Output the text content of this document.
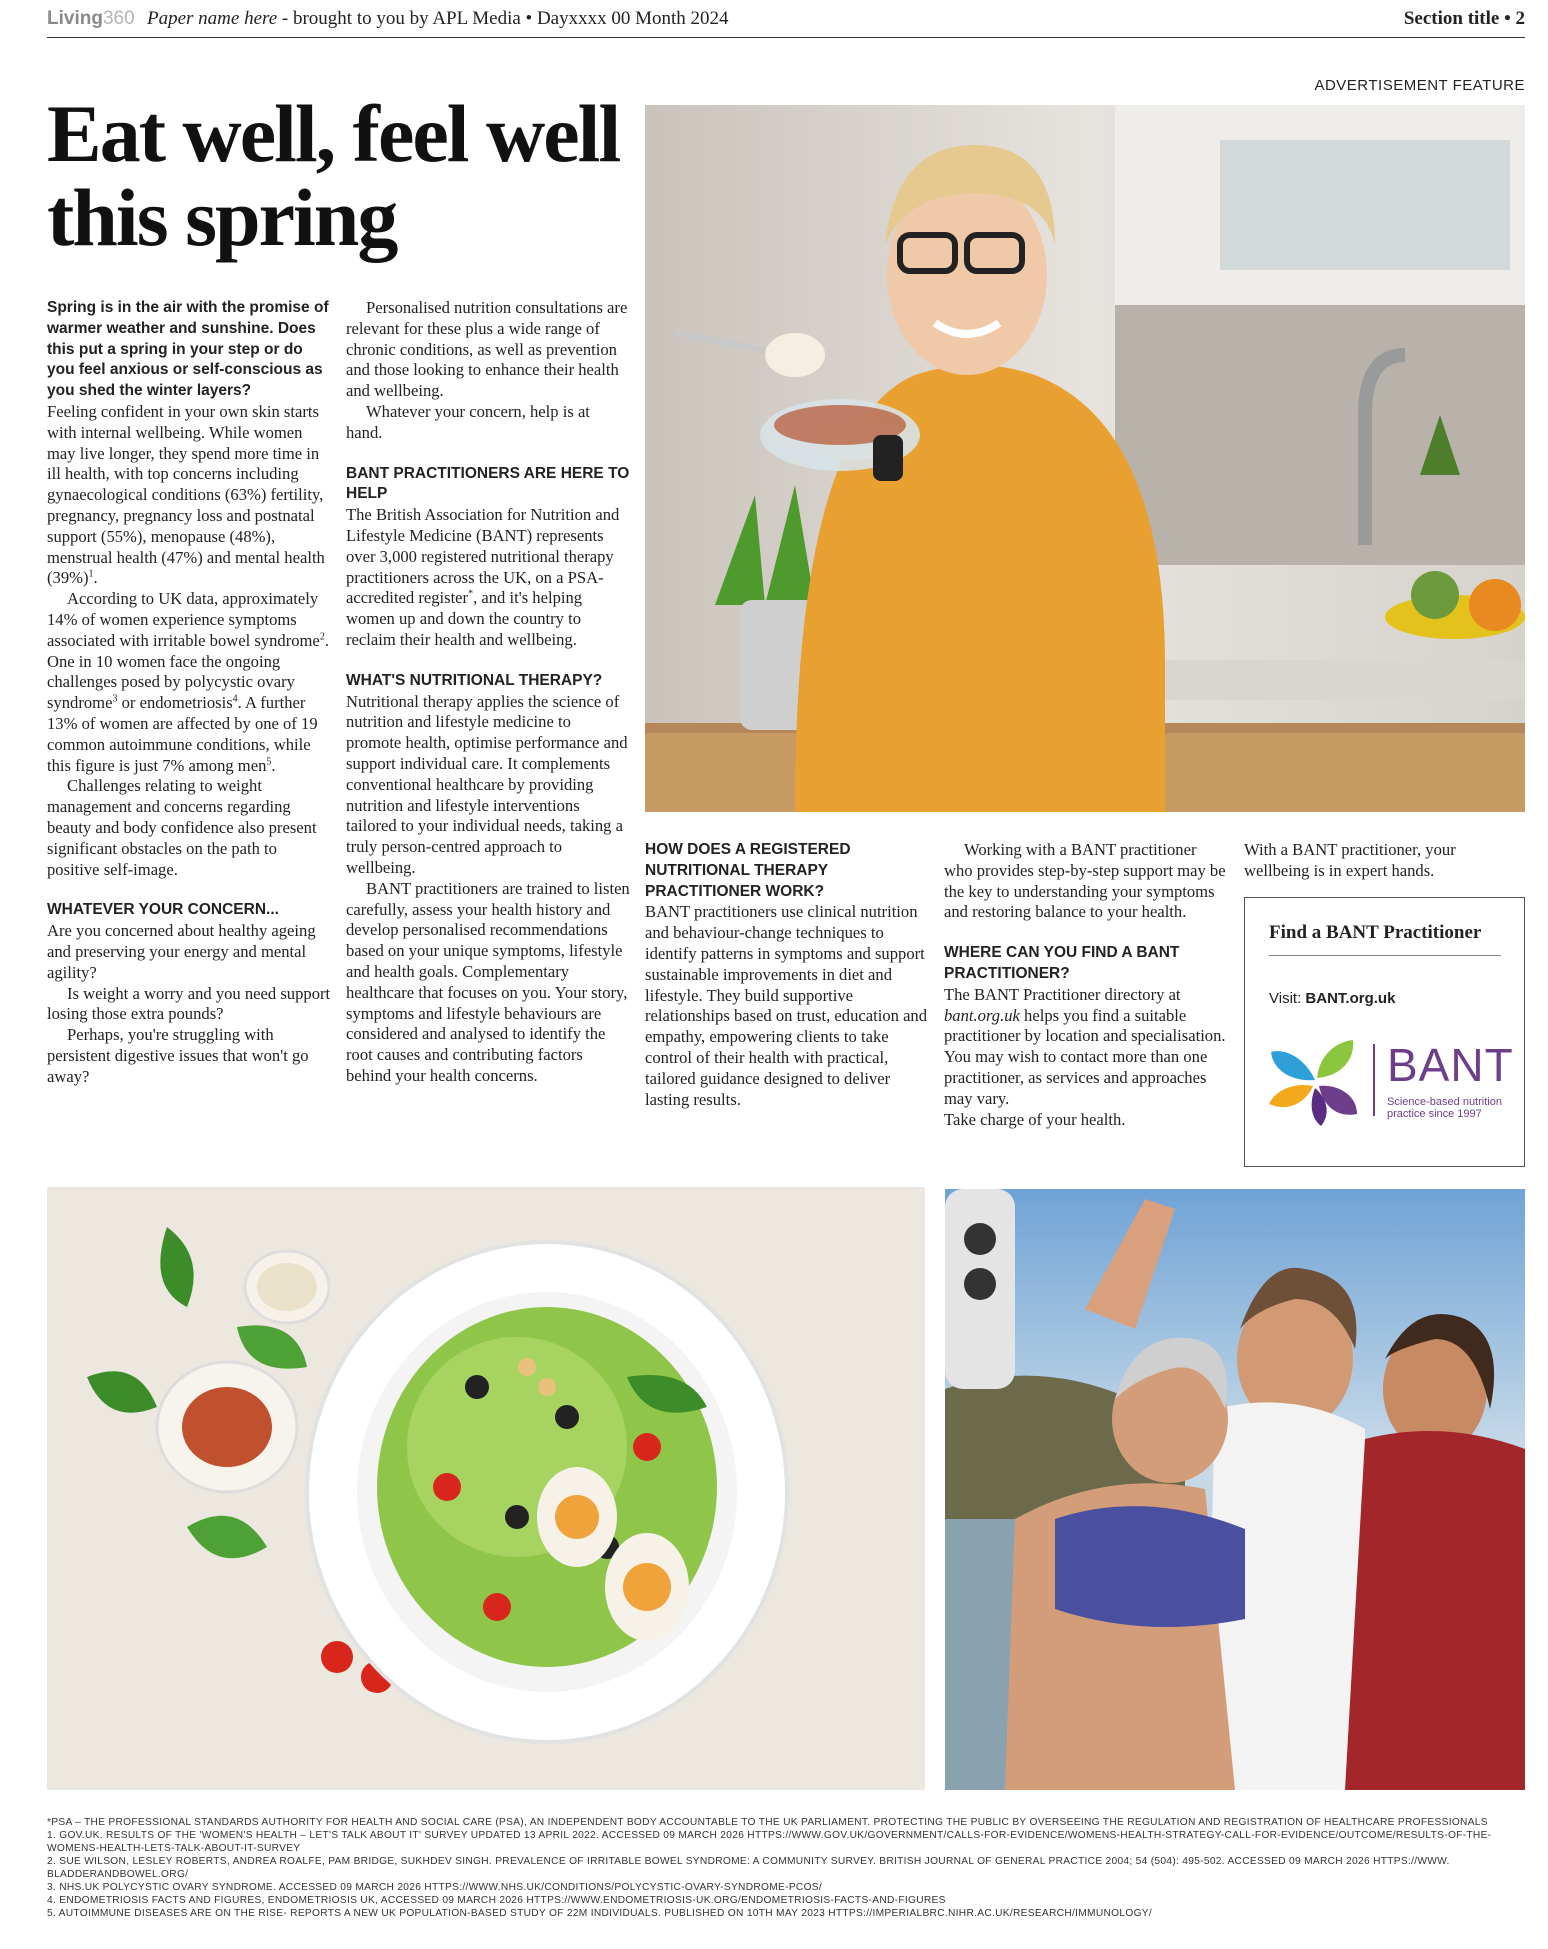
Living360 Paper name here - brought to you by APL Media • Dayxxxx 00 Month 2024	Section title • 2
ADVERTISEMENT FEATURE
Eat well, feel well this spring

Spring is in the air with the promise of warmer weather and sunshine. Does this put a spring in your step or do you feel anxious or self-conscious as you shed the winter layers?

Feeling confident in your own skin starts with internal wellbeing. While women may live longer, they spend more time in ill health, with top concerns including gynaecological conditions (63%) fertility, pregnancy, pregnancy loss and postnatal support (55%), menopause (48%), menstrual health (47%) and mental health $(39\%)^1$.

According to UK data, approximately 14% of women experience symptoms associated with irritable bowel syndrome$^2$. One in 10 women face the ongoing challenges posed by polycystic ovary syndrome$^3$ or endometriosis$^4$. A further 13% of women are affected by one of 19 common autoimmune conditions, while this figure is just 7% among men$^5$.

Challenges relating to weight management and concerns regarding beauty and body confidence also present significant obstacles on the path to positive self-image.

WHATEVER YOUR CONCERN...

Are you concerned about healthy ageing and preserving your energy and mental agility?

Is weight a worry and you need support losing those extra pounds?

Perhaps, you're struggling with persistent digestive issues that won't go away?

Personalised nutrition consultations are relevant for these plus a wide range of chronic conditions, as well as prevention and those looking to enhance their health and wellbeing.

Whatever your concern, help is at hand.

BANT PRACTITIONERS ARE HERE TO HELP

The British Association for Nutrition and Lifestyle Medicine (BANT) represents over 3,000 registered nutritional therapy practitioners across the UK, on a PSA-accredited register*, and it's helping women up and down the country to reclaim their health and wellbeing.

WHAT'S NUTRITIONAL THERAPY?

Nutritional therapy applies the science of nutrition and lifestyle medicine to promote health, optimise performance and support individual care. It complements conventional healthcare by providing nutrition and lifestyle interventions tailored to your individual needs, taking a truly person-centred approach to wellbeing.

BANT practitioners are trained to listen carefully, assess your health history and develop personalised recommendations based on your unique symptoms, lifestyle and health goals. Complementary healthcare that focuses on you. Your story, symptoms and lifestyle behaviours are considered and analysed to identify the root causes and contributing factors behind your health concerns.

HOW DOES A REGISTERED NUTRITIONAL THERAPY PRACTITIONER WORK?

BANT practitioners use clinical nutrition and behaviour-change techniques to identify patterns in symptoms and support sustainable improvements in diet and lifestyle. They build supportive relationships based on trust, education and empathy, empowering clients to take control of their health with practical, tailored guidance designed to deliver lasting results.

Working with a BANT practitioner who provides step-by-step support may be the key to understanding your symptoms and restoring balance to your health.

WHERE CAN YOU FIND A BANT PRACTITIONER?

The BANT Practitioner directory at bant.org.uk helps you find a suitable practitioner by location and specialisation. You may wish to contact more than one practitioner, as services and approaches may vary.

Take charge of your health.

With a BANT practitioner, your wellbeing is in expert hands.

Find a BANT Practitioner
Visit: BANT.org.uk
BANT
Science-based nutrition practice since 1997
*PSA – THE PROFESSIONAL STANDARDS AUTHORITY FOR HEALTH AND SOCIAL CARE (PSA), AN INDEPENDENT BODY ACCOUNTABLE TO THE UK PARLIAMENT. PROTECTING THE PUBLIC BY OVERSEEING THE REGULATION AND REGISTRATION OF HEALTHCARE PROFESSIONALS
1. GOV.UK. RESULTS OF THE 'WOMEN'S HEALTH – LET'S TALK ABOUT IT' SURVEY UPDATED 13 APRIL 2022. ACCESSED 09 MARCH 2026 HTTPS://WWW.GOV.UK/GOVERNMENT/CALLS-FOR-EVIDENCE/WOMENS-HEALTH-STRATEGY-CALL-FOR-EVIDENCE/OUTCOME/RESULTS-OF-THE-WOMENS-HEALTH-LETS-TALK-ABOUT-IT-SURVEY
2. SUE WILSON, LESLEY ROBERTS, ANDREA ROALFE, PAM BRIDGE, SUKHDEV SINGH. PREVALENCE OF IRRITABLE BOWEL SYNDROME: A COMMUNITY SURVEY. BRITISH JOURNAL OF GENERAL PRACTICE 2004; 54 (504): 495-502. ACCESSED 09 MARCH 2026 HTTPS://WWW. BLADDERANDBOWEL.ORG/
3. NHS.UK POLYCYSTIC OVARY SYNDROME. ACCESSED 09 MARCH 2026 HTTPS://WWW.NHS.UK/CONDITIONS/POLYCYSTIC-OVARY-SYNDROME-PCOS/
4. ENDOMETRIOSIS FACTS AND FIGURES, ENDOMETRIOSIS UK, ACCESSED 09 MARCH 2026 HTTPS://WWW.ENDOMETRIOSIS-UK.ORG/ENDOMETRIOSIS-FACTS-AND-FIGURES
5. AUTOIMMUNE DISEASES ARE ON THE RISE- REPORTS A NEW UK POPULATION-BASED STUDY OF 22M INDIVIDUALS. PUBLISHED ON 10TH MAY 2023 HTTPS://IMPERIALBRC.NIHR.AC.UK/RESEARCH/IMMUNOLOGY/
